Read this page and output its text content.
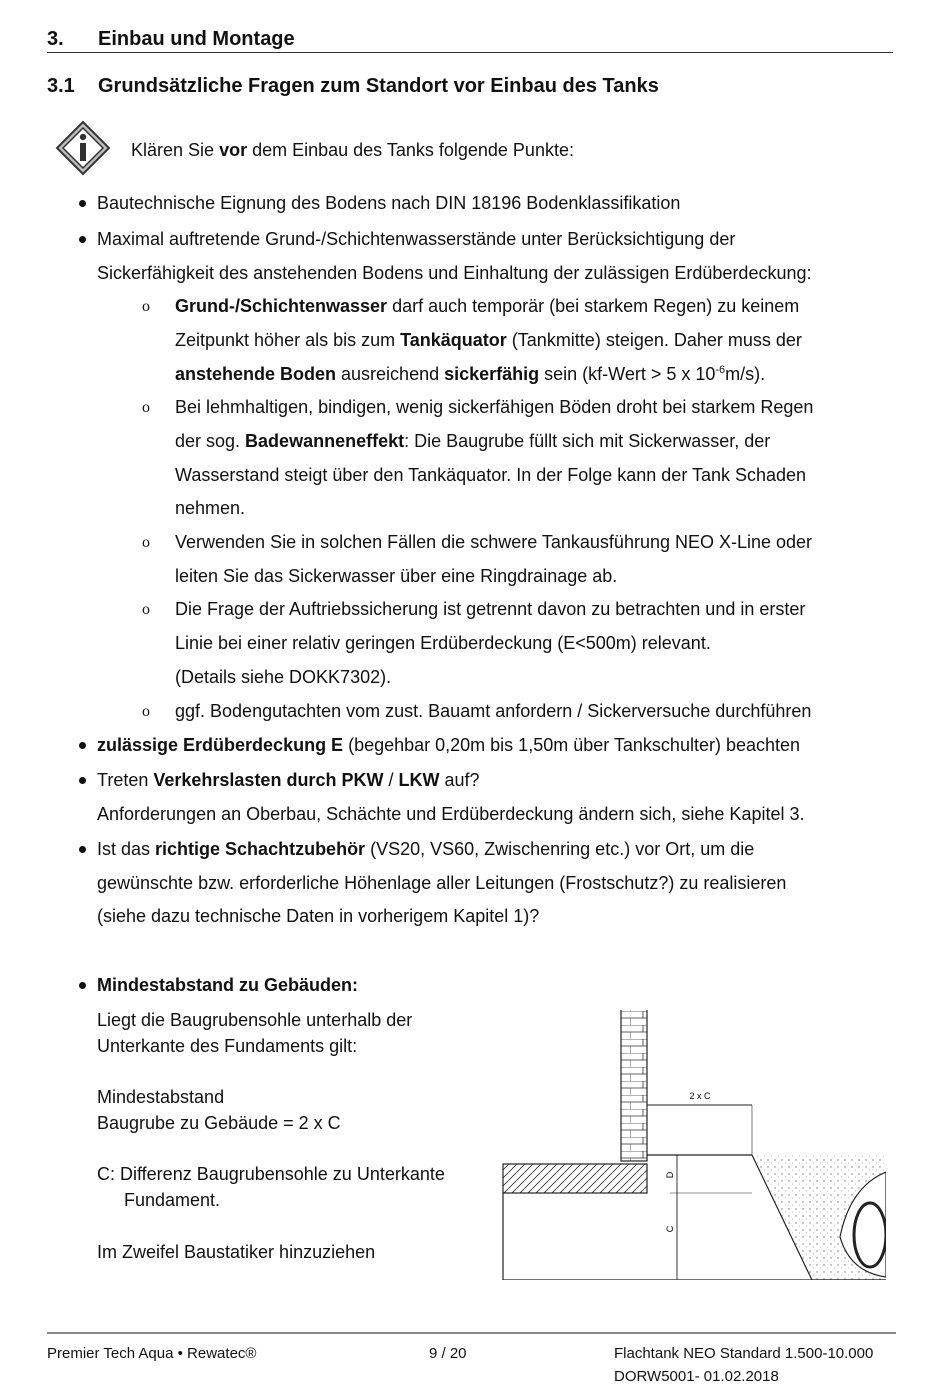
3. Einbau und Montage
3.1 Grundsätzliche Fragen zum Standort vor Einbau des Tanks
Klären Sie vor dem Einbau des Tanks folgende Punkte:
Bautechnische Eignung des Bodens nach DIN 18196 Bodenklassifikation
Maximal auftretende Grund-/Schichtenwasserstände unter Berücksichtigung der
Sickerfähigkeit des anstehenden Bodens und Einhaltung der zulässigen Erdüberdeckung:
o Grund-/Schichtenwasser darf auch temporär (bei starkem Regen) zu keinem
Zeitpunkt höher als bis zum Tankäquator (Tankmitte) steigen. Daher muss der
anstehende Boden ausreichend sickerfähig sein (kf-Wert > 5 x $10^{-6}m/s$).
o Bei lehmhaltigen, bindigen, wenig sickerfähigen Böden droht bei starkem Regen
der sog. Badewanneneffekt: Die Baugrube füllt sich mit Sickerwasser, der
Wasserstand steigt über den Tankäquator. In der Folge kann der Tank Schaden
nehmen.
o Verwenden Sie in solchen Fällen die schwere Tankausführung NEO X-Line oder
leiten Sie das Sickerwasser über eine Ringdrainage ab.
o Die Frage der Auftriebssicherung ist getrennt davon zu betrachten und in erster
Linie bei einer relativ geringen Erdüberdeckung (E<500m) relevant.
(Details siehe DOKK7302).
o ggf. Bodengutachten vom zust. Bauamt anfordern / Sickerversuche durchführen
zulässige Erdüberdeckung E (begehbar 0,20m bis 1,50m über Tankschulter) beachten
Treten Verkehrslasten durch PKW / LKW auf?
Anforderungen an Oberbau, Schächte und Erdüberdeckung ändern sich, siehe Kapitel 3.
Ist das richtige Schachtzubehör (VS20, VS60, Zwischenring etc.) vor Ort, um die
gewünschte bzw. erforderliche Höhenlage aller Leitungen (Frostschutz?) zu realisieren
(siehe dazu technische Daten in vorherigem Kapitel 1)?
Mindestabstand zu Gebäuden:
Liegt die Baugrubensohle unterhalb der
Unterkante des Fundaments gilt:
Mindestabstand
Baugrube zu Gebäude = 2 x C
C: Differenz Baugrubensohle zu Unterkante
Fundament.
Im Zweifel Baustatiker hinzuziehen
2 x C
D
C
Premier Tech Aqua • Rewatec®	9 / 20	Flachtank NEO Standard 1.500-10.000
DORW5001- 01.02.2018
